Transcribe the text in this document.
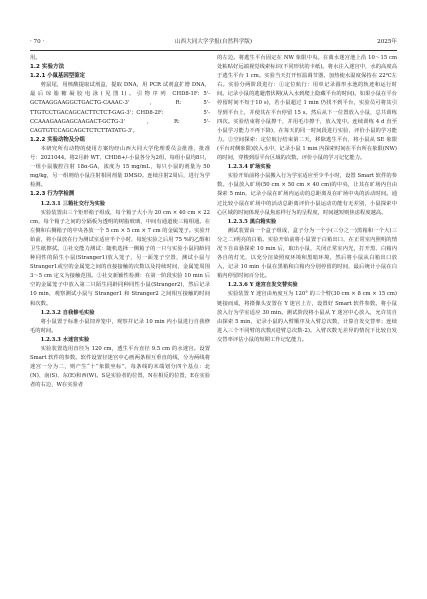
· 70 ·	山西大同大学学报(自然科学版)	2025年

用。

1.2 实验方法

1.2.1 小鼠基因型鉴定

剪鼠尾，用核酸提取试剂盒，提取 DNA，用 PCR 试剂盒扩增 DNA，最后琼脂糖凝胶电泳(见图1)。引物序列 CHD8-1F: 5'-GCTAAGGAAGGCTGACTG-CAAAC-3'，R: 5'-TTGTCCTGACAGCACTTCTCT-GAG-3'；CHD8-2F: 5'-CCAAAGAAGAGCAAGACT-GCTG-3'，R: 5'-CAGTGTCCAGCAGCTCTCTTATATG-3'。

1.2.2 实验动物及分组

本研究所有动物的使用方案均经山西大同大学伦理委员会批准，批准号：2021044。将2月龄 WT、CHD8+/-小鼠各分为2组，每组小鼠均8只，一组小鼠腹腔注射 18α-GA，浓度为 15 mg/mL，每只小鼠的剂量为 50 mg/kg，另一组则给小鼠注射相同剂量 DMSO。连续注射2周后，进行为学检测。

1.2.3 行为学检测

1.2.3.1 三箱社交行为实验

实验装置由三个矩形箱子组成，每个箱子大小为 20 cm × 40 cm × 22 cm，每个箱子之间的分隔板为透明的树脂玻璃，中间有通道使三箱相通。在左侧和右侧箱子的中央各放一个 5 cm × 5 cm × 7 cm 的金属笼子。实验开始前，将小鼠放在行为测试室适应半个小时，每轮实验之后用 75 %的乙醇和卫生纸擦拭。①社交能力测试：随机选择一侧箱子的一只与实验小鼠同龄同种同性的陌生小鼠(Stranger1)放入笼子，另一面笼子空置，测试小鼠与Stranger1或空的金属笼之间的直接接触的次数以及持续时间，金属笼周围 3～5 cm 定义为接触范围。②社交新颖性检测：在第一阶段实验 10 min 后空的金属笼子中放入第二只陌生同龄同种同性小鼠(Stranger2)，然后记录 10 min，观察测试小鼠与 Stranger1 和 Stranger2 之间相互接触的时间和次数。

1.2.3.2 自我修毛实验

将小鼠置于标准小鼠饲养笼中，观察并记录 10 min 内小鼠进行自我修毛的时间。

1.2.3.3 水迷宫实验

实验装置选用直径为 120 cm，透生平台直径 9.5 cm 的水迷宫。设置 Smart 软件的参数。软件设置径迷宫中心画两条相互垂直的线，分为两线将迷宫一分为二，则产生“十”象限坐标”，每条线的末端划分四个基点：北(N)、南(S)、东(E)和西(W)。S是实验者的位置，N在相反的位置，E在实验者的右边，W在实验者

的左边。将逃生平台固定在 NW 象限中央。在离水迷宫池上沿 10～15 cm 处粘贴好远端视觉线索标识(不同形状的卡纸)。将水注入迷宫中，水的高度高于逃生平台 1 cm。实验当天打开恒温调节器，加热使水温度保持在 22℃左右。实验分两阶段进行：①定位航行：用单记录圆形水池的轨迹和运行时间。记录小鼠的逃避潜伏期(从入水到爬上隐藏平台的时间)。如果小鼠在平台停留时间不短于10 s)，若小鼠超过 1 min 仍找不到平台，实验员可将其引导到平台上，并使其在平台停留 15 s。然后从下一位置放入小鼠，总共训练四次。实验结束将小鼠擦干，并用毛巾擦干，放入笼中。连续训练 4 d 直至小鼠学习能力不再下降)，在每天的同一时间段进行实验，评价小鼠的学习能力。②空间探索：定位航行结束第二天，移除逃生平台，将小鼠从 SE 象限(平台对侧象限)放入水中，记录小鼠 1 min 内探索时间在平台所在象限(NW)的时间，穿梭到原平台区域的次数。评价小鼠的学习记忆能力。

1.2.3.4 旷场实验

实验开始前将小鼠搬入行为学室适应至少半小时，设置 Smart 软件的参数。小鼠放入旷场(50 cm × 50 cm × 40 cm)的中央，让其在旷场内自由探索 5 min，记录小鼠在旷场内运动的总距离及在旷场中央的活动时间。通过比较小鼠在旷场中的活动总距离评价小鼠运动功能有无差别，小鼠探索中心区域的时间体现小鼠焦虑样行为的呈程度，时间越短则焦虑程度越高。

1.2.3.5 黑白箱实验

测试装置由一个盒子组成，盒子分为一个小(三分之一)黑箱和一个大(三分之二)明亮的白箱。实验开始前将小鼠置于白箱出口，在正常室内照明的情况下自由悬探索 10 min 后，取出小鼠，关闭正常室内光，打开黑、白箱内各自的灯光，以充分渲染照度环境和黑暗环境，然后将小鼠从白箱出口放入，记录 10 min 小鼠在黑箱和白箱内分别停留的时间，最后统计小鼠在白箱内停留时间百分比。

1.2.3.6 Y 迷宫自发交替实验

实验装置 Y 迷宫由角度互为 120° 的三个臂(30 cm × 8 cm × 15 cm)链接而成，将摄像头安置在 Y 迷宫上方，设置好 Smart 软件参数。将小鼠放入行为学室适应 30 min。测试阶段将小鼠从 Y 迷宫中心放入，允许其自由探索 5 min，记录小鼠的入臂顺序及入臂总次数，计算自发交替率；连续进入三个不同臂的次数/(进臂总次数-2)。入臂次数无差异的情况下比较自发交替率评估小鼠的短期工作记忆能力。
